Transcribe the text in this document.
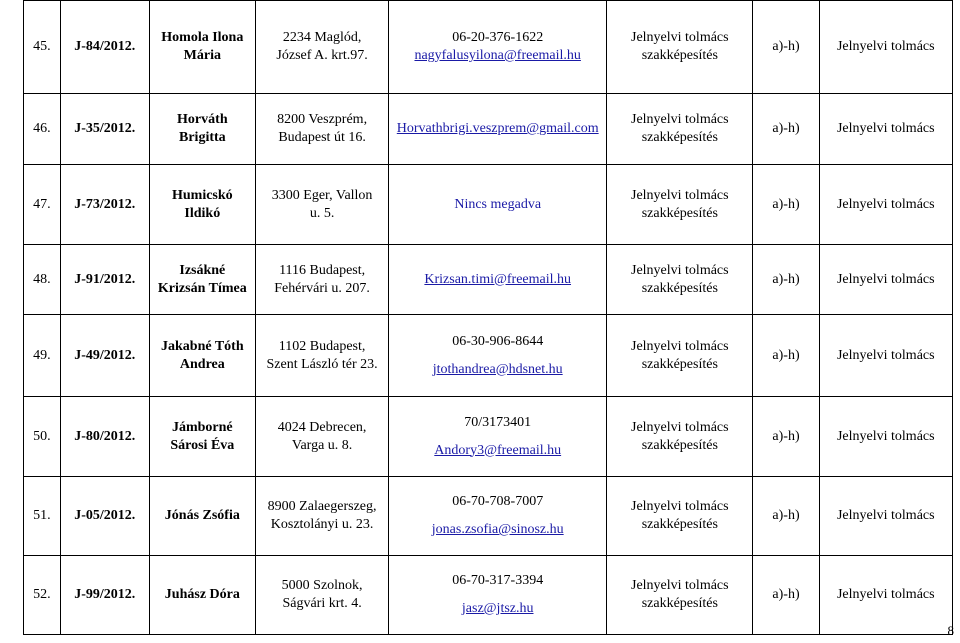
45.	J-84/2012.	Homola Ilona
Mária	2234 Maglód,
József A. krt.97.	06-20-376-1622
nagyfalusyilona@freemail.hu	Jelnyelvi tolmács
szakképesítés	a)-h)	Jelnyelvi tolmács
46.	J-35/2012.	Horváth
Brigitta	8200 Veszprém,
Budapest út 16.	Horvathbrigi.veszprem@gmail.com	Jelnyelvi tolmács
szakképesítés	a)-h)	Jelnyelvi tolmács
47.	J-73/2012.	Humicskó
Ildikó	3300 Eger, Vallon
u. 5.	Nincs megadva	Jelnyelvi tolmács
szakképesítés	a)-h)	Jelnyelvi tolmács
48.	J-91/2012.	Izsákné
Krizsán Tímea	1116 Budapest,
Fehérvári u. 207.	Krizsan.timi@freemail.hu	Jelnyelvi tolmács
szakképesítés	a)-h)	Jelnyelvi tolmács
49.	J-49/2012.	Jakabné Tóth
Andrea	1102 Budapest,
Szent László tér 23.	06-30-906-8644
jtothandrea@hdsnet.hu	Jelnyelvi tolmács
szakképesítés	a)-h)	Jelnyelvi tolmács
50.	J-80/2012.	Jámborné
Sárosi Éva	4024 Debrecen,
Varga u. 8.	70/3173401
Andory3@freemail.hu	Jelnyelvi tolmács
szakképesítés	a)-h)	Jelnyelvi tolmács
51.	J-05/2012.	Jónás Zsófia	8900 Zalaegerszeg,
Kosztolányi u. 23.	06-70-708-7007
jonas.zsofia@sinosz.hu	Jelnyelvi tolmács
szakképesítés	a)-h)	Jelnyelvi tolmács
52.	J-99/2012.	Juhász Dóra	5000 Szolnok,
Ságvári krt. 4.	06-70-317-3394
jasz@jtsz.hu	Jelnyelvi tolmács
szakképesítés	a)-h)	Jelnyelvi tolmács
8
